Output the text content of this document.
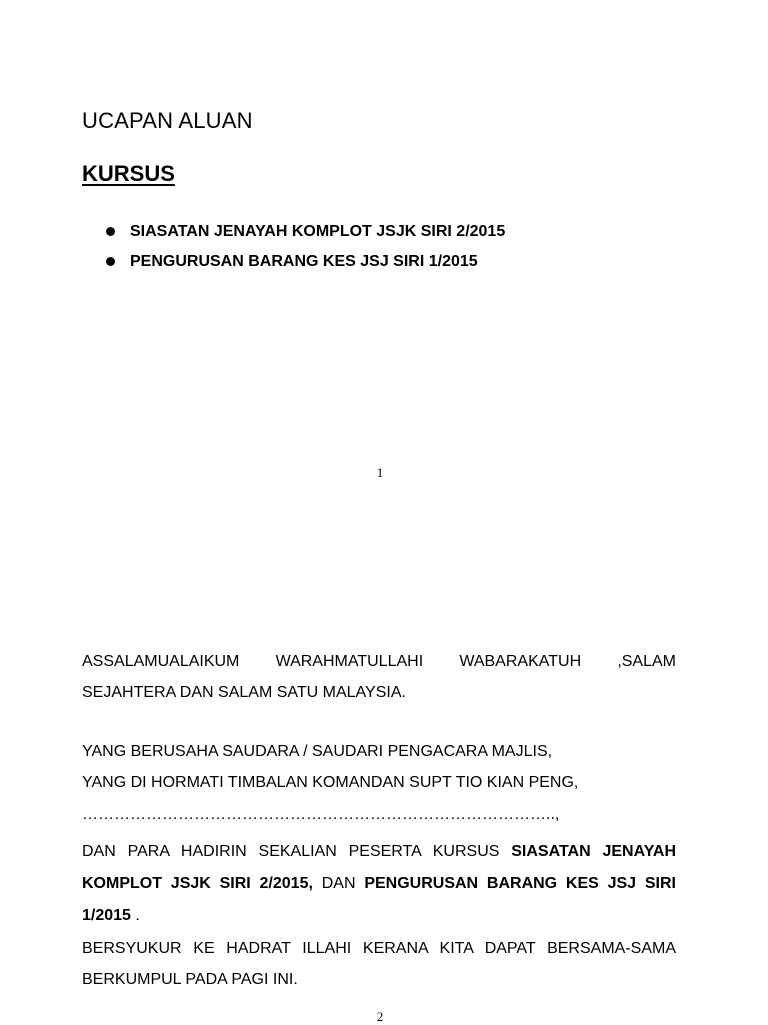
UCAPAN ALUAN
KURSUS
SIASATAN JENAYAH KOMPLOT JSJK SIRI 2/2015
PENGURUSAN BARANG KES JSJ SIRI 1/2015

1

ASSALAMUALAIKUM WARAHMATULLAHI WABARAKATUH ,SALAM SEJAHTERA DAN SALAM SATU MALAYSIA.

YANG BERUSAHA SAUDARA / SAUDARI PENGACARA MAJLIS,

YANG DI HORMATI TIMBALAN KOMANDAN SUPT TIO KIAN PENG,

……………………………………………………………………………..,

DAN PARA HADIRIN SEKALIAN PESERTA KURSUS SIASATAN JENAYAH KOMPLOT JSJK SIRI 2/2015, DAN PENGURUSAN BARANG KES JSJ SIRI 1/2015 .

BERSYUKUR KE HADRAT ILLAHI KERANA KITA DAPAT BERSAMA-SAMA BERKUMPUL PADA PAGI INI.

2
